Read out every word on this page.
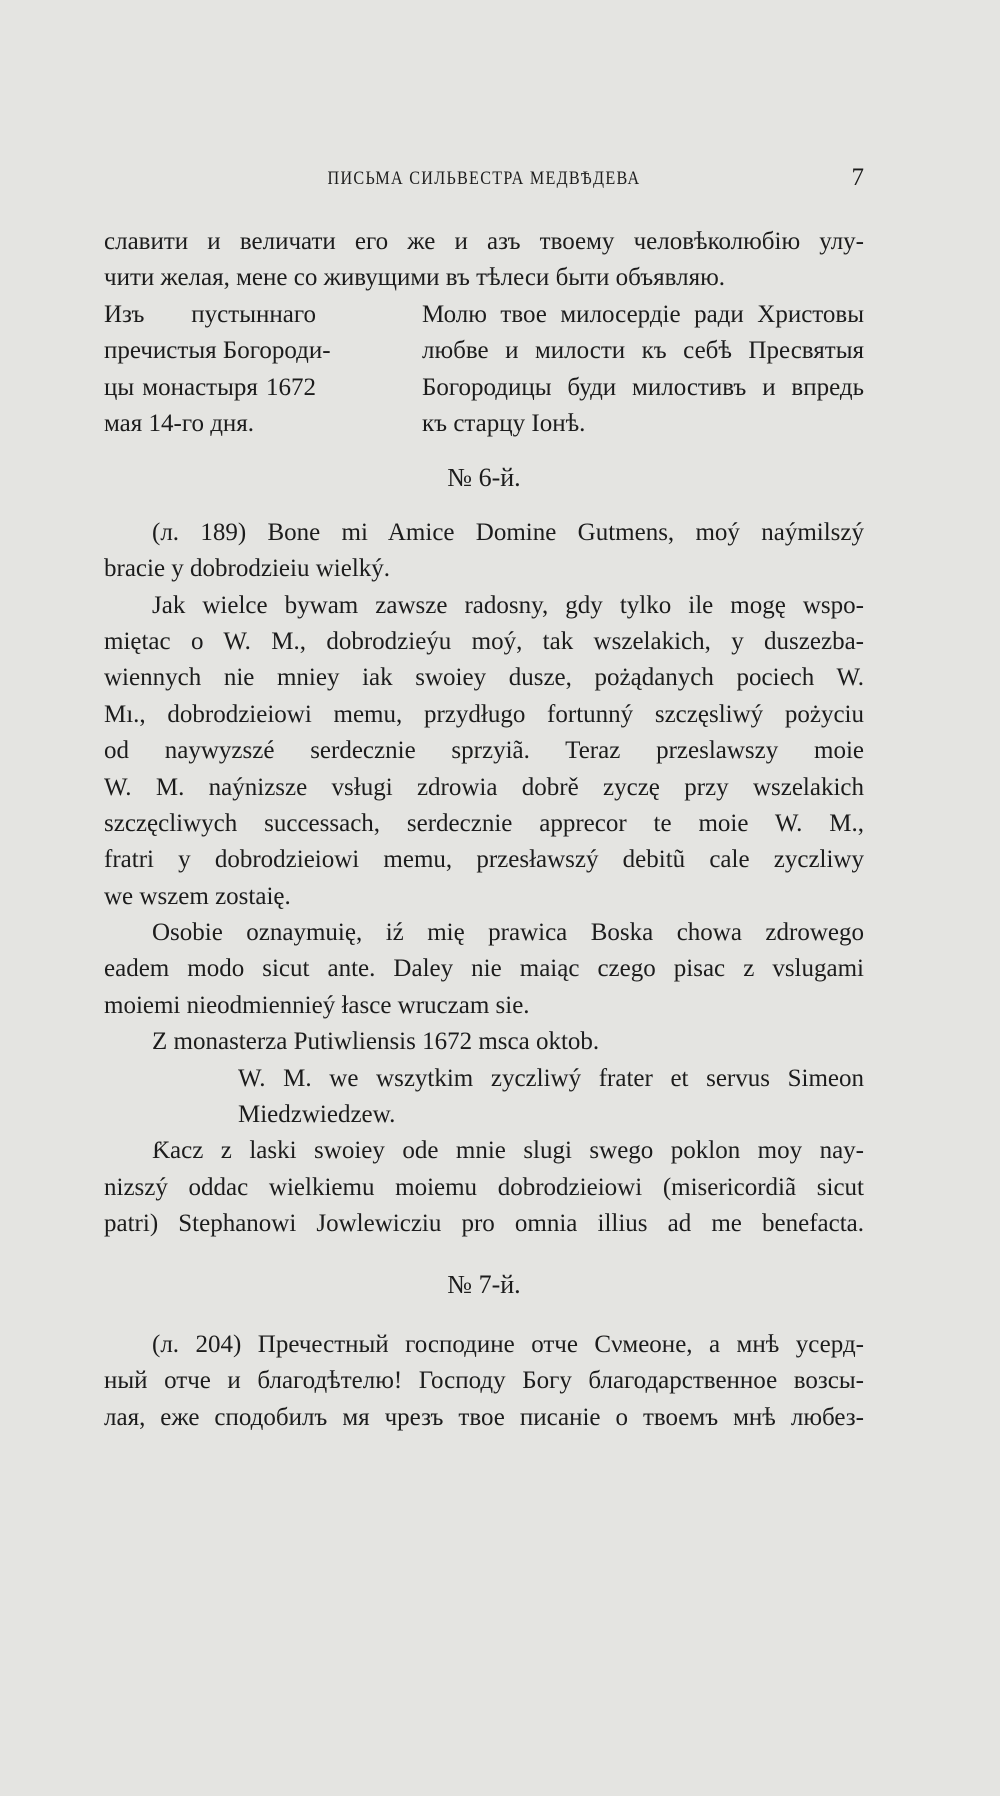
ПИСЬМА СИЛЬВЕСТРА МЕДВѢДЕВА	7
славити и величати его же и азъ твоему человѣколюбію улу-
чити желая, мене со живущими въ тѣлеси быти объявляю.
Изъ пустыннаго
пречистыя Богороди-
цы монастыря 1672
мая 14-го дня.
Молю твое милосердіе ради Христовы
любве и милости къ себѣ Пресвятыя
Богородицы буди милостивъ и впредь
къ старцу Іонѣ.
№ 6-й.
(л. 189) Bone mi Amice Domine Gutmens, moý naýmilszý
bracie y dobrodzieiu wielký.
Jak wielce bywam zawsze radosny, gdy tylko ile mogę wspo-
miętac o W. M., dobrodzieýu moý, tak wszelakich, y duszezba-
wiennych nie mniey iak swoiey dusze, pożądanych pociech W.
Mı., dobrodzieiowi memu, przydługo fortunný szczęsliwý pożyciu
od naywyzszé serdecznie sprzyiã. Teraz przeslawszy moie
W. M. naýnizsze vsługi zdrowia dobrě zyczę przy wszelakich
szczęcliwych successach, serdecznie apprecor te moie W. M.,
fratri y dobrodzieiowi memu, przesławszý debitũ cale zyczliwy
we wszem zostaię.
Osobie oznaymuię, iź mię prawica Boska chowa zdrowego
eadem modo sicut ante. Daley nie maiąc czego pisac z vslugami
moiemi nieodmiennieý łasce wruczam sie.
Z monasterza Putiwliensis 1672 msca oktob.
W. M. we wszytkim zyczliwý frater et servus Simeon
Miedzwiedzew.
Ƙacz z laski swoiey ode mnie slugi swego poklon moy nay-
nizszý oddac wielkiemu moiemu dobrodzieiowi (misericordiã sicut
patri) Stephanowi Jowlewicziu pro omnia illius ad me benefacta.
№ 7-й.
(л. 204) Пречестный господине отче Сνмеоне, а мнѣ усерд-
ный отче и благодѣтелю! Господу Богу благодарственное возсы-
лая, еже сподобилъ мя чрезъ твое писаніе о твоемъ мнѣ любез-
